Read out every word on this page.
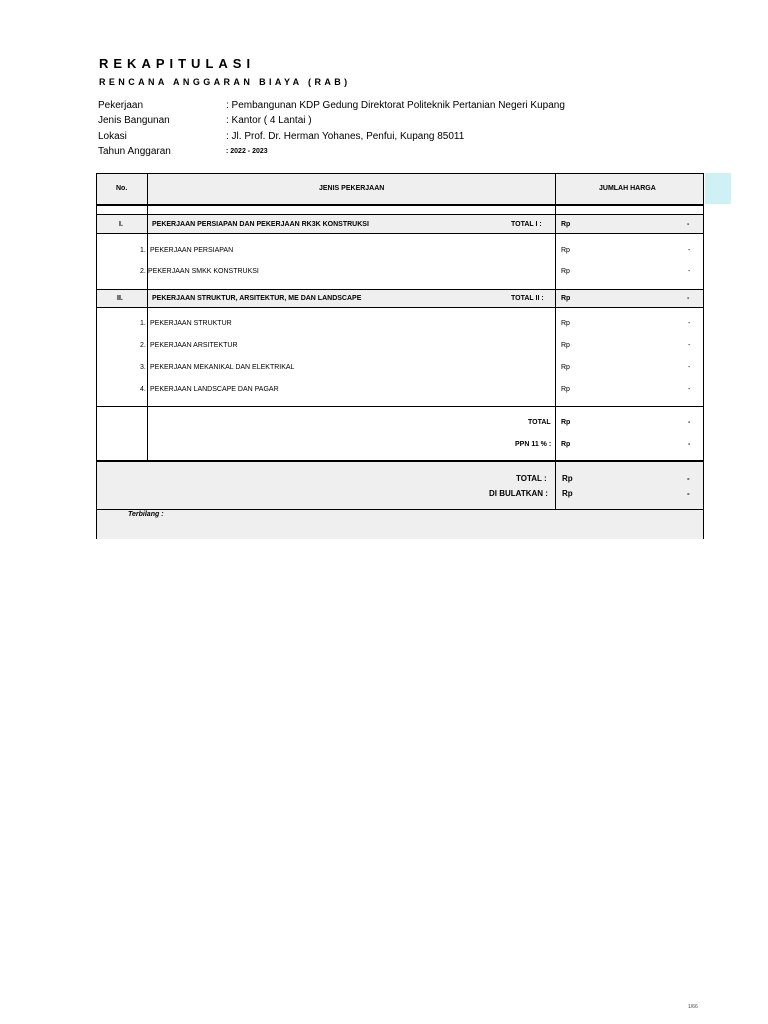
REKAPITULASI
RENCANA ANGGARAN BIAYA (RAB)
Pekerjaan	: Pembangunan KDP Gedung Direktorat Politeknik Pertanian Negeri Kupang
Jenis Bangunan	: Kantor ( 4 Lantai )
Lokasi	: Jl. Prof. Dr. Herman Yohanes, Penfui, Kupang 85011
Tahun Anggaran	: 2022 - 2023
No.	JENIS PEKERJAAN	JUMLAH HARGA
I.	PEKERJAAN PERSIAPAN DAN PEKERJAAN RK3K KONSTRUKSI	TOTAL I :	Rp	-
1. PEKERJAAN PERSIAPAN	Rp	-
2. PEKERJAAN SMKK KONSTRUKSI	Rp	-
II.	PEKERJAAN STRUKTUR, ARSITEKTUR, ME DAN LANDSCAPE	TOTAL II : Rp	-
1. PEKERJAAN STRUKTUR	Rp	-
2. PEKERJAAN ARSITEKTUR	Rp	-
3. PEKERJAAN MEKANIKAL DAN ELEKTRIKAL	Rp	-
4. PEKERJAAN LANDSCAPE DAN PAGAR	Rp	-
TOTAL Rp	-
PPN 11 % : Rp	-
TOTAL : Rp	-
DI BULATKAN : Rp	-
Terbilang :
1/66
